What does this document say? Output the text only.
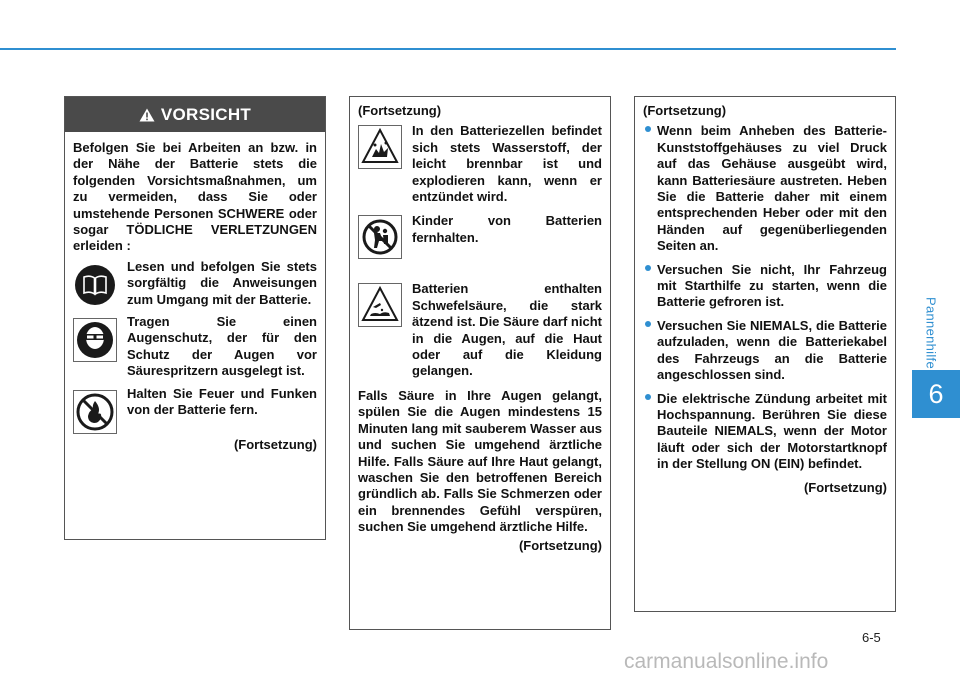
Pannenhilfe
6
VORSICHT

Befolgen Sie bei Arbeiten an bzw. in der Nähe der Batterie stets die folgenden Vorsichtsmaßnahmen, um zu vermeiden, dass Sie oder umstehende Personen SCHWERE oder sogar TÖDLICHE VERLETZUNGEN erleiden :

Lesen und befolgen Sie stets sorgfältig die Anweisungen zum Umgang mit der Batterie.

Tragen Sie einen Augenschutz, der für den Schutz der Augen vor Säurespritzern ausgelegt ist.

Halten Sie Feuer und Funken von der Batterie fern.

(Fortsetzung)

(Fortsetzung)

In den Batteriezellen befindet sich stets Wasserstoff, der leicht brennbar ist und explodieren kann, wenn er entzündet wird.

Kinder von Batterien fernhalten.

Batterien enthalten Schwefelsäure, die stark ätzend ist. Die Säure darf nicht in die Augen, auf die Haut oder auf die Kleidung gelangen.

Falls Säure in Ihre Augen gelangt, spülen Sie die Augen mindestens 15 Minuten lang mit sauberem Wasser aus und suchen Sie umgehend ärztliche Hilfe. Falls Säure auf Ihre Haut gelangt, waschen Sie den betroffenen Bereich gründlich ab. Falls Sie Schmerzen oder ein brennendes Gefühl verspüren, suchen Sie umgehend ärztliche Hilfe.

(Fortsetzung)

(Fortsetzung)

Wenn beim Anheben des Batterie-Kunststoffgehäuses zu viel Druck auf das Gehäuse ausgeübt wird, kann Batteriesäure austreten. Heben Sie die Batterie daher mit einem entsprechenden Heber oder mit den Händen auf gegenüberliegenden Seiten an.

Versuchen Sie nicht, Ihr Fahrzeug mit Starthilfe zu starten, wenn die Batterie gefroren ist.

Versuchen Sie NIEMALS, die Batterie aufzuladen, wenn die Batteriekabel des Fahrzeugs an die Batterie angeschlossen sind.

Die elektrische Zündung arbeitet mit Hochspannung. Berühren Sie diese Bauteile NIEMALS, wenn der Motor läuft oder sich der Motorstartknopf in der Stellung ON (EIN) befindet.

(Fortsetzung)

6-5
carmanualsonline.info
